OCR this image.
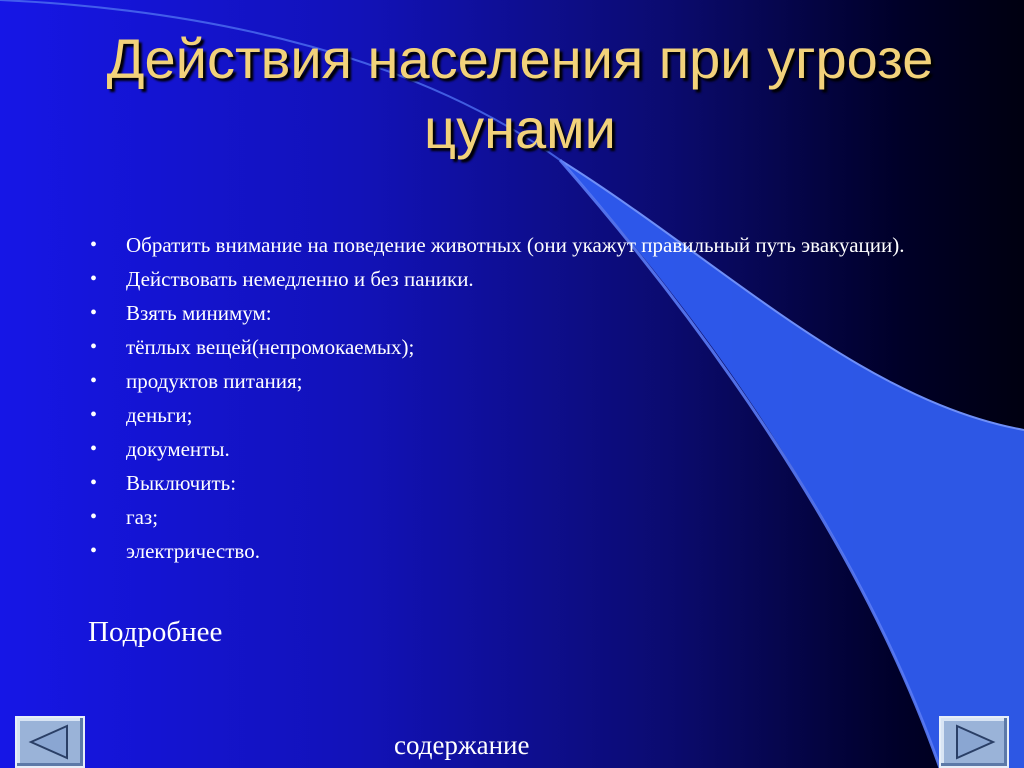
Действия населения при угрозе цунами
• Обратить внимание на поведение животных (они укажут правильный путь эвакуации).
• Действовать немедленно и без паники.
• Взять минимум:
• тёплых вещей(непромокаемых);
• продуктов питания;
• деньги;
• документы.
• Выключить:
• газ;
• электричество.
Подробнее
содержание
